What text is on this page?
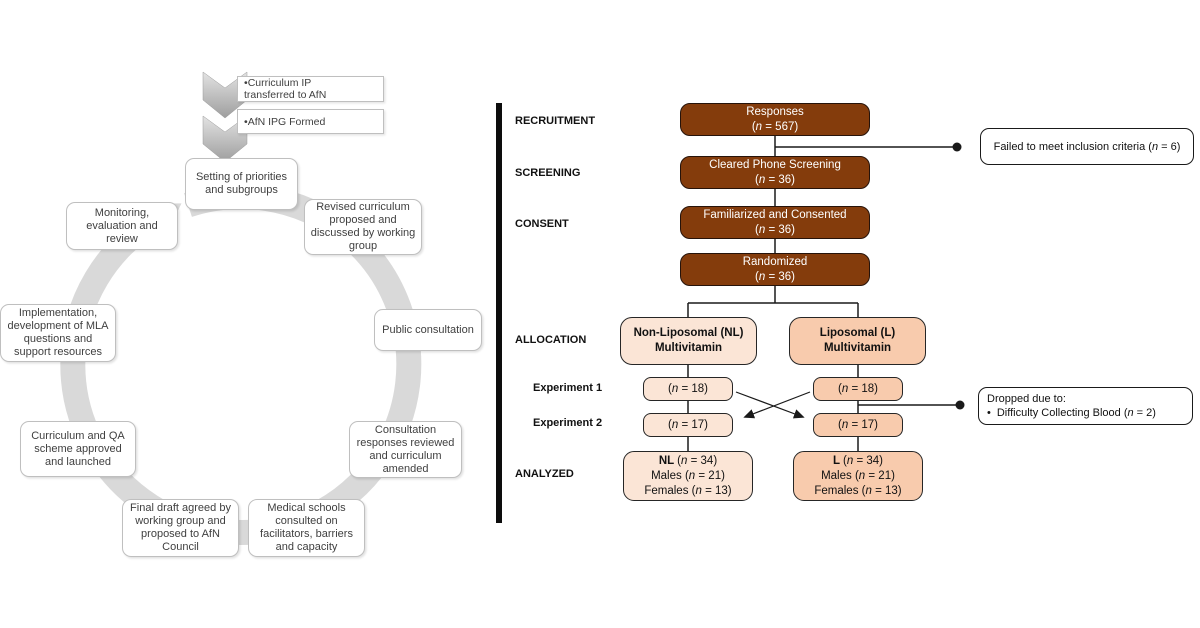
•Curriculum IP transferred to AfN
•AfN IPG Formed
Setting of priorities and subgroups
Revised curriculum proposed and discussed by working group
Public consultation
Consultation responses reviewed and curriculum amended
Medical schools consulted on facilitators, barriers and capacity
Final draft agreed by working group and proposed to AfN Council
Curriculum and QA scheme approved and launched
Implementation, development of MLA questions and support resources
Monitoring, evaluation and review
RECRUITMENT
SCREENING
CONSENT
ALLOCATION
Experiment 1
Experiment 2
ANALYZED
Responses
(n = 567)
Cleared Phone Screening
(n = 36)
Familiarized and Consented
(n = 36)
Randomized
(n = 36)
Non-Liposomal (NL)
Multivitamin
Liposomal (L)
Multivitamin
(n = 18)	(n = 18)
(n = 17)	(n = 17)
NL (n = 34)
Males (n = 21)
Females (n = 13)
L (n = 34)
Males (n = 21)
Females (n = 13)
Failed to meet inclusion criteria (n = 6)
Dropped due to:
• Difficulty Collecting Blood (n = 2)
